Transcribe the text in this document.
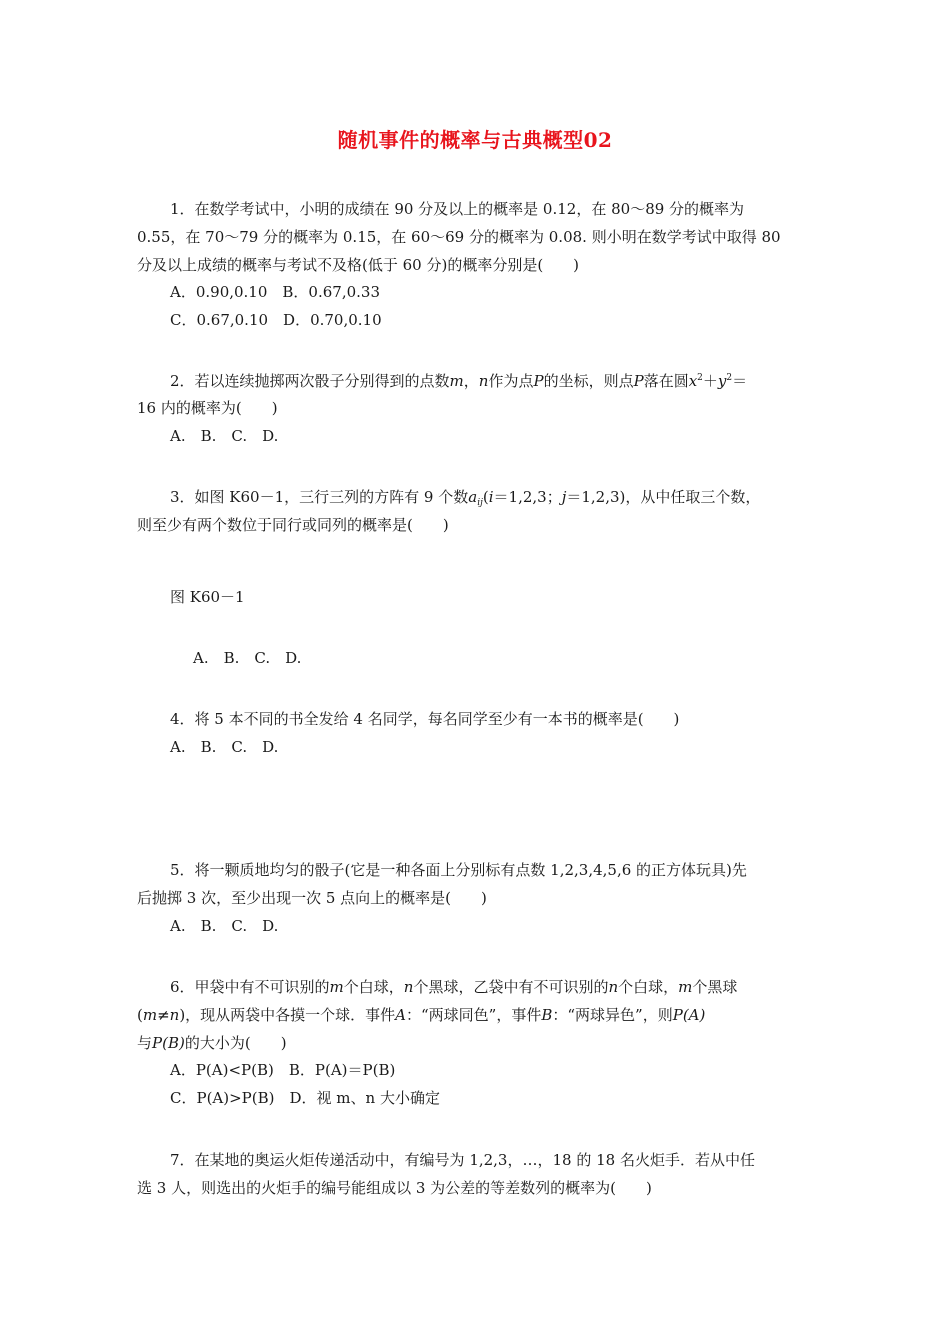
随机事件的概率与古典概型02
1．在数学考试中，小明的成绩在 90 分及以上的概率是 0.12，在 80～89 分的概率为
0.55，在 70～79 分的概率为 0.15，在 60～69 分的概率为 0.08. 则小明在数学考试中取得 80
分及以上成绩的概率与考试不及格(低于 60 分)的概率分别是(　　)
A．0.90,0.10　B．0.67,0.33
C．0.67,0.10　D．0.70,0.10
2．若以连续抛掷两次骰子分别得到的点数m，n作为点P的坐标，则点P落在圆$x^2+y^2=$
16 内的概率为(　　)
A.　B.　C.　D.
3．如图 K60－1，三行三列的方阵有 9 个数$a_{ij}(i=1,2,3$；j＝1,2,3)，从中任取三个数，
则至少有两个数位于同行或同列的概率是(　　)
图 K60－1
A.　B.　C.　D.
4．将 5 本不同的书全发给 4 名同学，每名同学至少有一本书的概率是(　　)
A.　B.　C.　D.
5．将一颗质地均匀的骰子(它是一种各面上分别标有点数 1,2,3,4,5,6 的正方体玩具)先
后抛掷 3 次，至少出现一次 5 点向上的概率是(　　)
A.　B.　C.　D.
6．甲袋中有不可识别的m个白球，n个黑球，乙袋中有不可识别的n个白球，m个黑球
(m≠n)，现从两袋中各摸一个球．事件A：“两球同色”，事件B：“两球异色”，则P(A)
与P(B)的大小为(　　)
A．P(A)<P(B)　B．P(A)＝P(B)
C．P(A)>P(B)　D．视 m、n 大小确定
7．在某地的奥运火炬传递活动中，有编号为 1,2,3，…，18 的 18 名火炬手．若从中任
选 3 人，则选出的火炬手的编号能组成以 3 为公差的等差数列的概率为(　　)
